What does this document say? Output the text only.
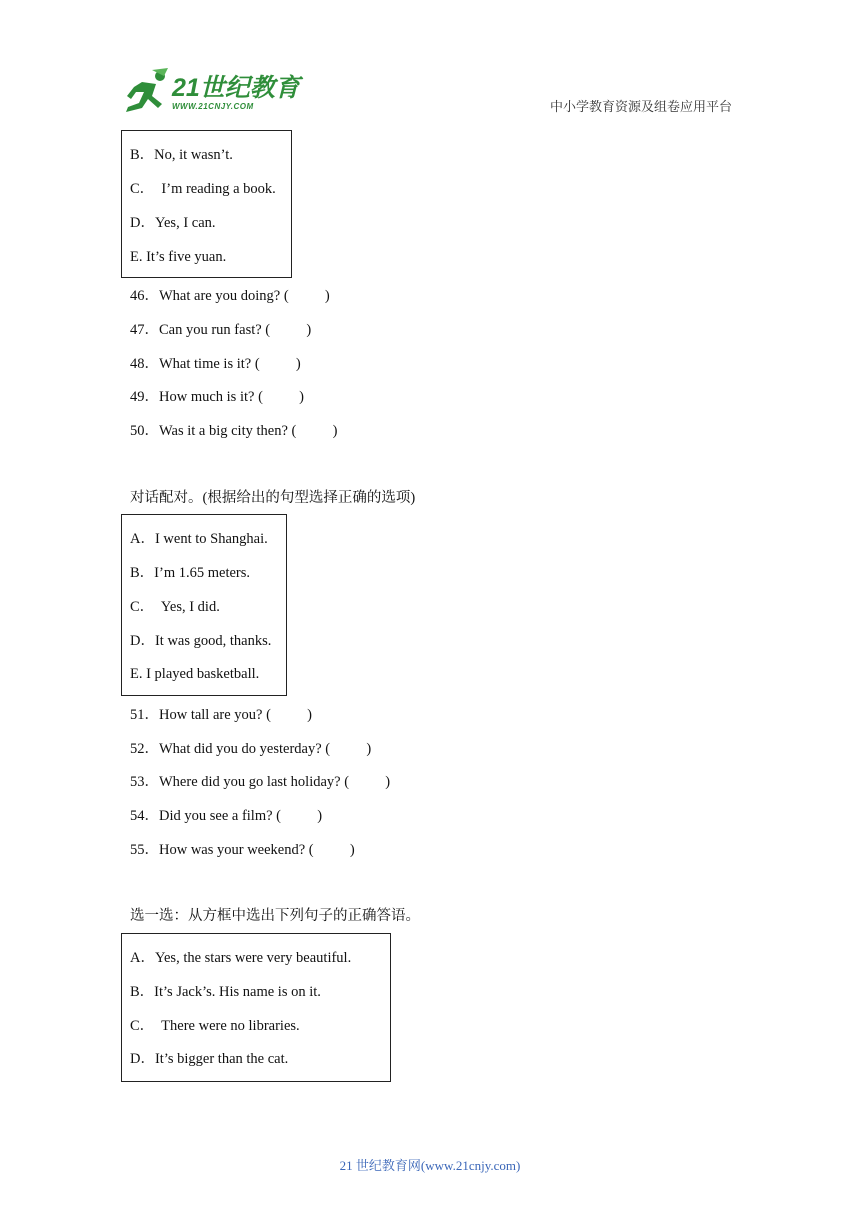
21世纪教育
WWW.21CNJY.COM	中小学教育资源及组卷应用平台
B．No, it wasn’t.
C．  I’m reading a book.
D．Yes, I can.
E. It’s five yuan.
46．What are you doing? (          )
47．Can you run fast? (          )
48．What time is it? (          )
49．How much is it? (          )
50．Was it a big city then? (          )
对话配对。(根据给出的句型选择正确的选项)
A．I went to Shanghai.
B．I’m 1.65 meters.
C．  Yes, I did.
D．It was good, thanks.
E. I played basketball.
51．How tall are you? (          )
52．What did you do yesterday? (          )
53．Where did you go last holiday? (          )
54．Did you see a film? (          )
55．How was your weekend? (          )
选一选：从方框中选出下列句子的正确答语。
A．Yes, the stars were very beautiful.
B．It’s Jack’s. His name is on it.
C．  There were no libraries.
D．It’s bigger than the cat.
21 世纪教育网(www.21cnjy.com)
